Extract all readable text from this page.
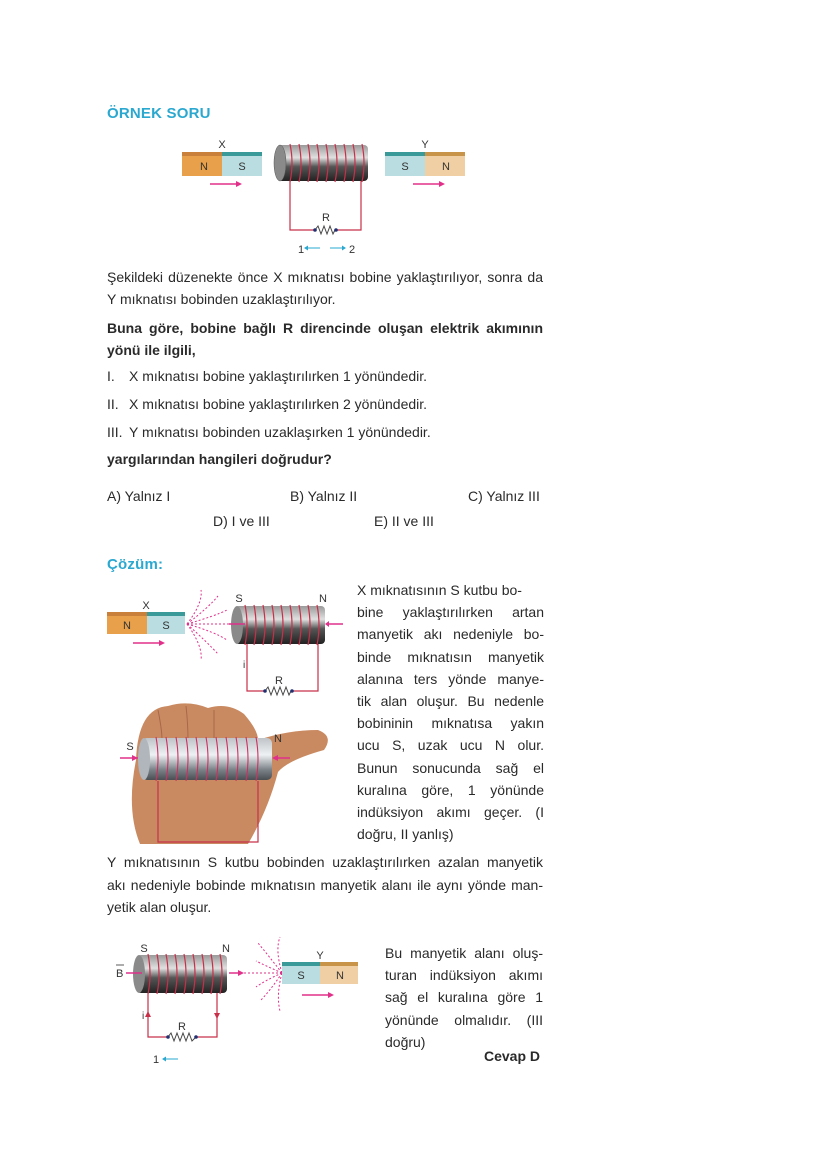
ÖRNEK SORU
X
N	S
R
1	2
Y
S	N
Şekildeki düzenekte önce X mıknatısı bobine yaklaştırılıyor, sonra da Y mıknatısı bobinden uzaklaştırılıyor.
Buna göre, bobine bağlı R direncinde oluşan elektrik akımının yönü ile ilgili,
I.	X mıknatısı bobine yaklaştırılırken 1 yönündedir.
II. X mıknatısı bobine yaklaştırılırken 2 yönündedir.
III. Y mıknatısı bobinden uzaklaşırken 1 yönündedir.
yargılarından hangileri doğrudur?
A) Yalnız I	B) Yalnız II	C) Yalnız III
D) I ve III	E) II ve III
Çözüm:
X
N	S
S	N
R
i
S
N
X mıknatısının S kutbu bo-
bine yaklaştırılırken artan
manyetik akı nedeniyle bo-
binde mıknatısın manyetik
alanına ters yönde manye-
tik alan oluşur. Bu nedenle
bobininin mıknatısa yakın
ucu S, uzak ucu N olur.
Bunun sonucunda sağ el
kuralına göre, 1 yönünde
indüksiyon akımı geçer. (I
doğru, II yanlış)
Y mıknatısının S kutbu bobinden uzaklaştırılırken azalan manyetik
akı nedeniyle bobinde mıknatısın manyetik alanı ile aynı yönde man-
yetik alan oluşur.
S	N
B
Y
S	N
R
i
1
Bu manyetik alanı oluş-
turan indüksiyon akımı
sağ el kuralına göre 1
yönünde olmalıdır. (III
doğru)
Cevap D
